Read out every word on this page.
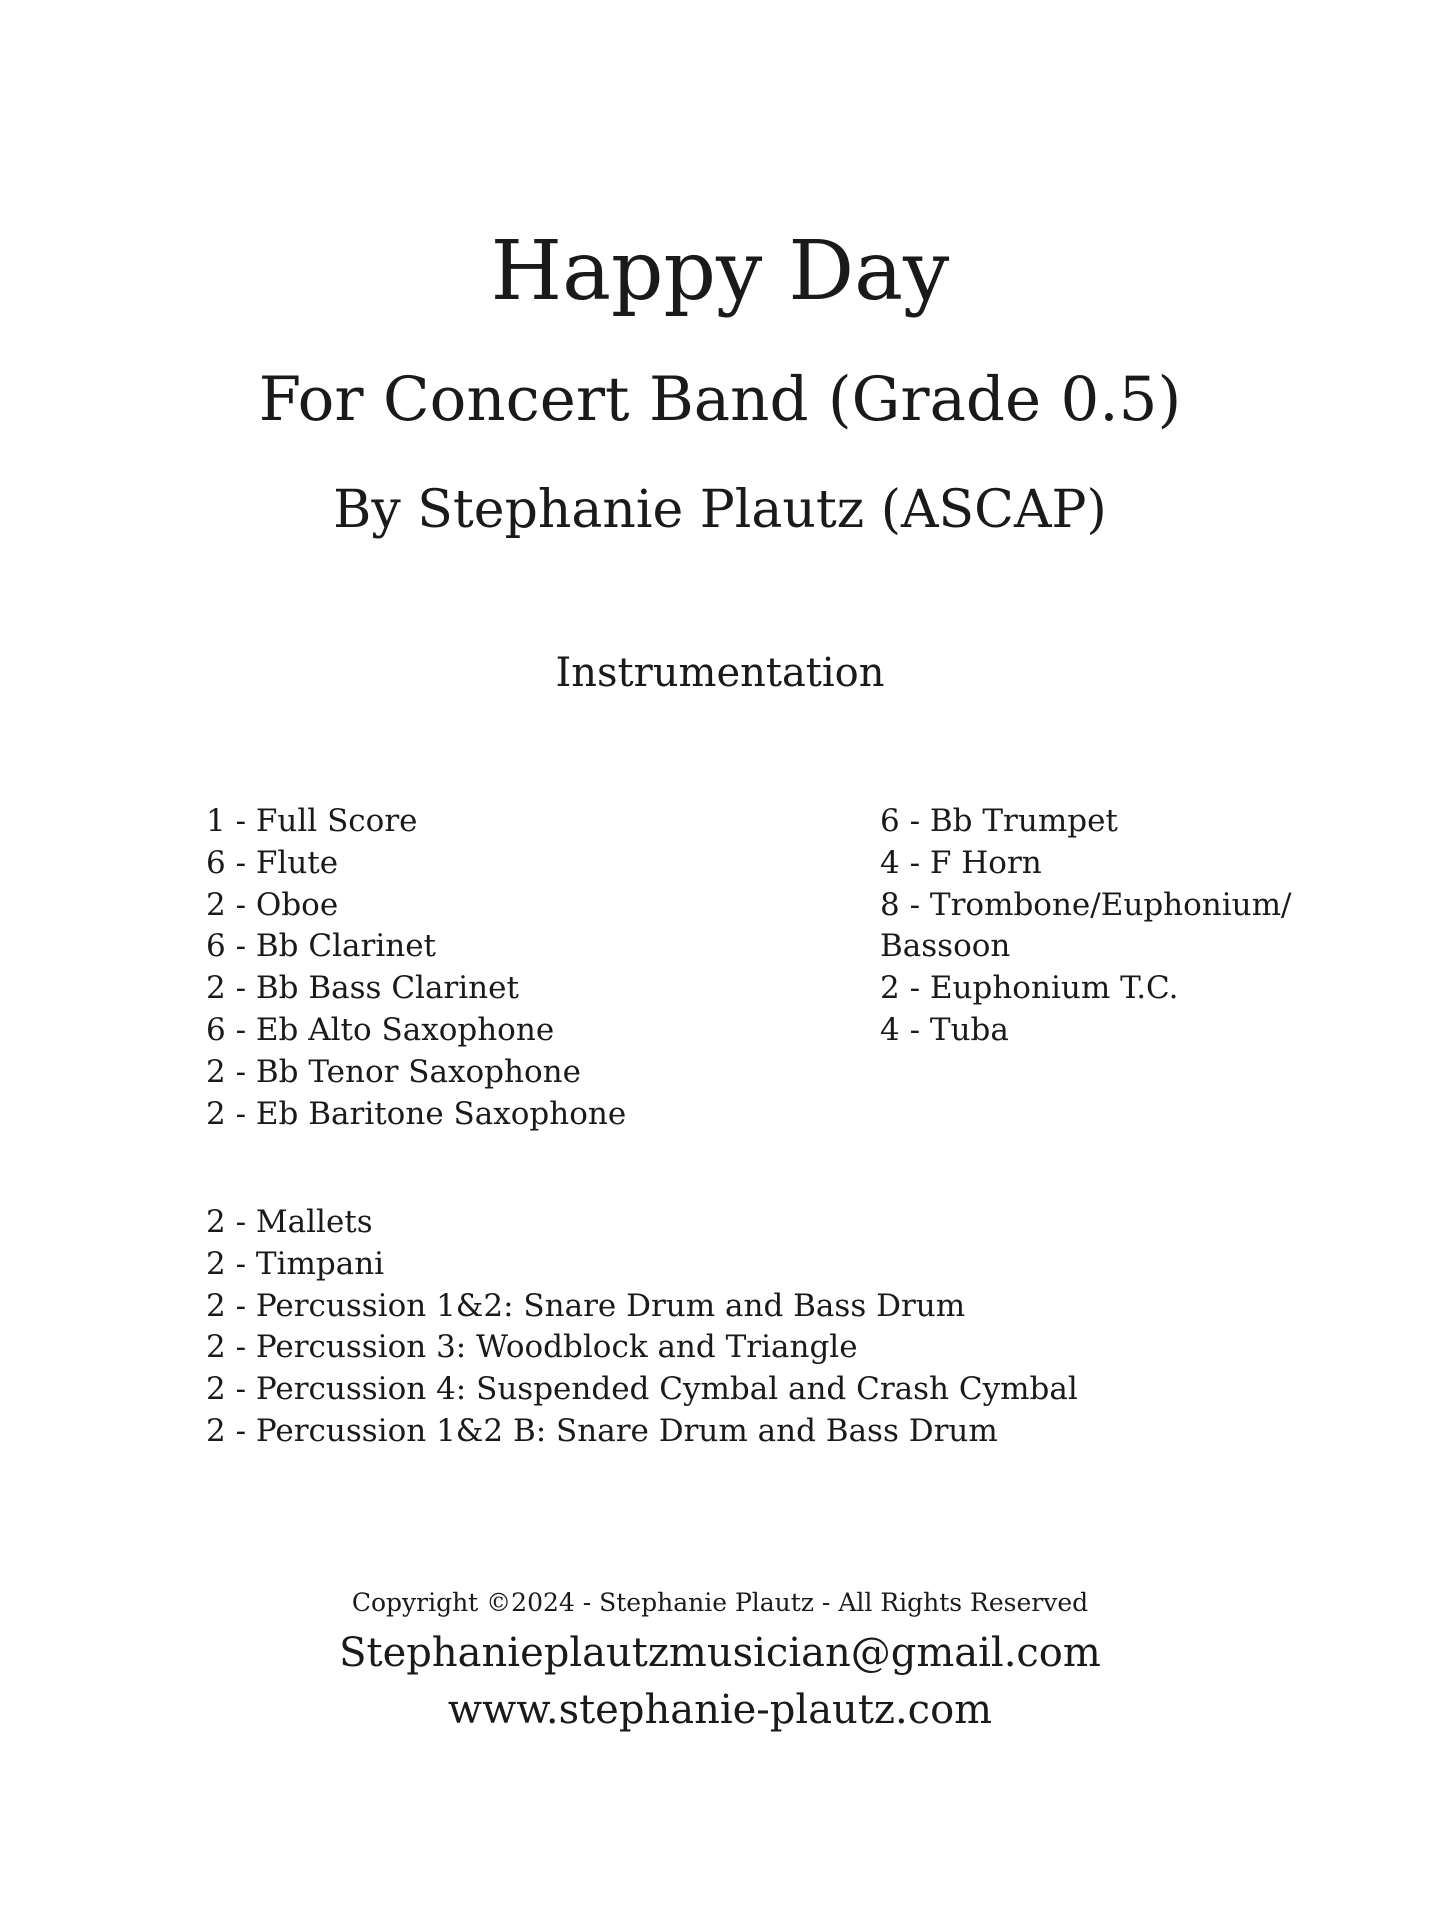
Happy Day
For Concert Band (Grade 0.5)
By Stephanie Plautz (ASCAP)
Instrumentation
1 - Full Score
6 - Flute
2 - Oboe
6 - Bb Clarinet
2 - Bb Bass Clarinet
6 - Eb Alto Saxophone
2 - Bb Tenor Saxophone
2 - Eb Baritone Saxophone
6 - Bb Trumpet
4 - F Horn
8 - Trombone/Euphonium/
Bassoon
2 - Euphonium T.C.
4 - Tuba
2 - Mallets
2 - Timpani
2 - Percussion 1&2: Snare Drum and Bass Drum
2 - Percussion 3: Woodblock and Triangle
2 - Percussion 4: Suspended Cymbal and Crash Cymbal
2 - Percussion 1&2 B: Snare Drum and Bass Drum

Copyright ©2024 - Stephanie Plautz - All Rights Reserved

Stephanieplautzmusician@gmail.com

www.stephanie-plautz.com
